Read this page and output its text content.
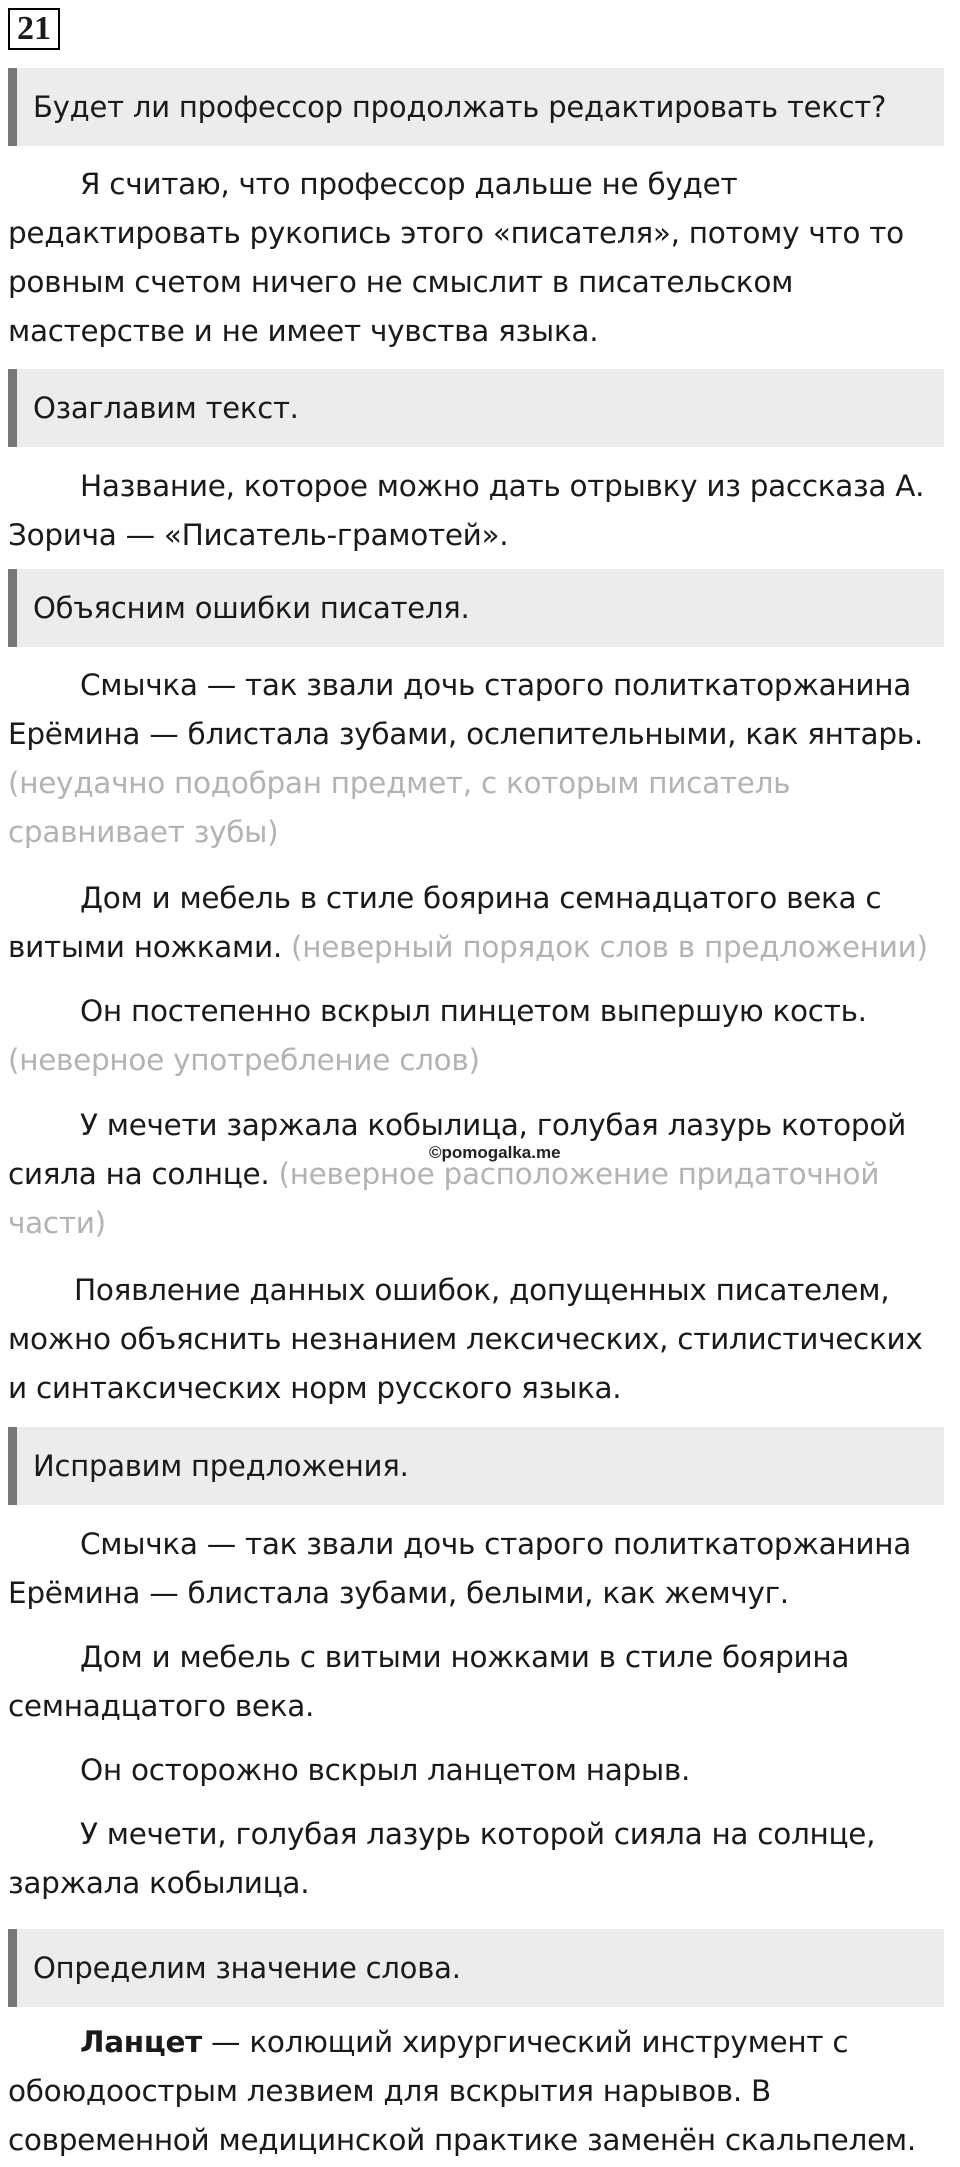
21
Будет ли профессор продолжать редактировать текст?

Я считаю, что профессор дальше не будет редактировать рукопись этого «писателя», потому что то ровным счетом ничего не смыслит в писательском мастерстве и не имеет чувства языка.

Озаглавим текст.

Название, которое можно дать отрывку из рассказа А. Зорича — «Писатель-грамотей».

Объясним ошибки писателя.

Смычка — так звали дочь старого политкаторжанина Ерёмина — блистала зубами, ослепительными, как янтарь. (неудачно подобран предмет, с которым писатель сравнивает зубы)

Дом и мебель в стиле боярина семнадцатого века с витыми ножками. (неверный порядок слов в предложении)

Он постепенно вскрыл пинцетом выпершую кость. (неверное употребление слов)

У мечети заржала кобылица, голубая лазурь которой сияла на солнце. (неверное расположение придаточной части)

Появление данных ошибок, допущенных писателем, можно объяснить незнанием лексических, стилистических и синтаксических норм русского языка.

©pomogalka.me
Исправим предложения.

Смычка — так звали дочь старого политкаторжанина Ерёмина — блистала зубами, белыми, как жемчуг.

Дом и мебель с витыми ножками в стиле боярина семнадцатого века.

Он осторожно вскрыл ланцетом нарыв.

У мечети, голубая лазурь которой сияла на солнце, заржала кобылица.

Определим значение слова.

Ланцет — колющий хирургический инструмент с обоюдоострым лезвием для вскрытия нарывов. В современной медицинской практике заменён скальпелем.
